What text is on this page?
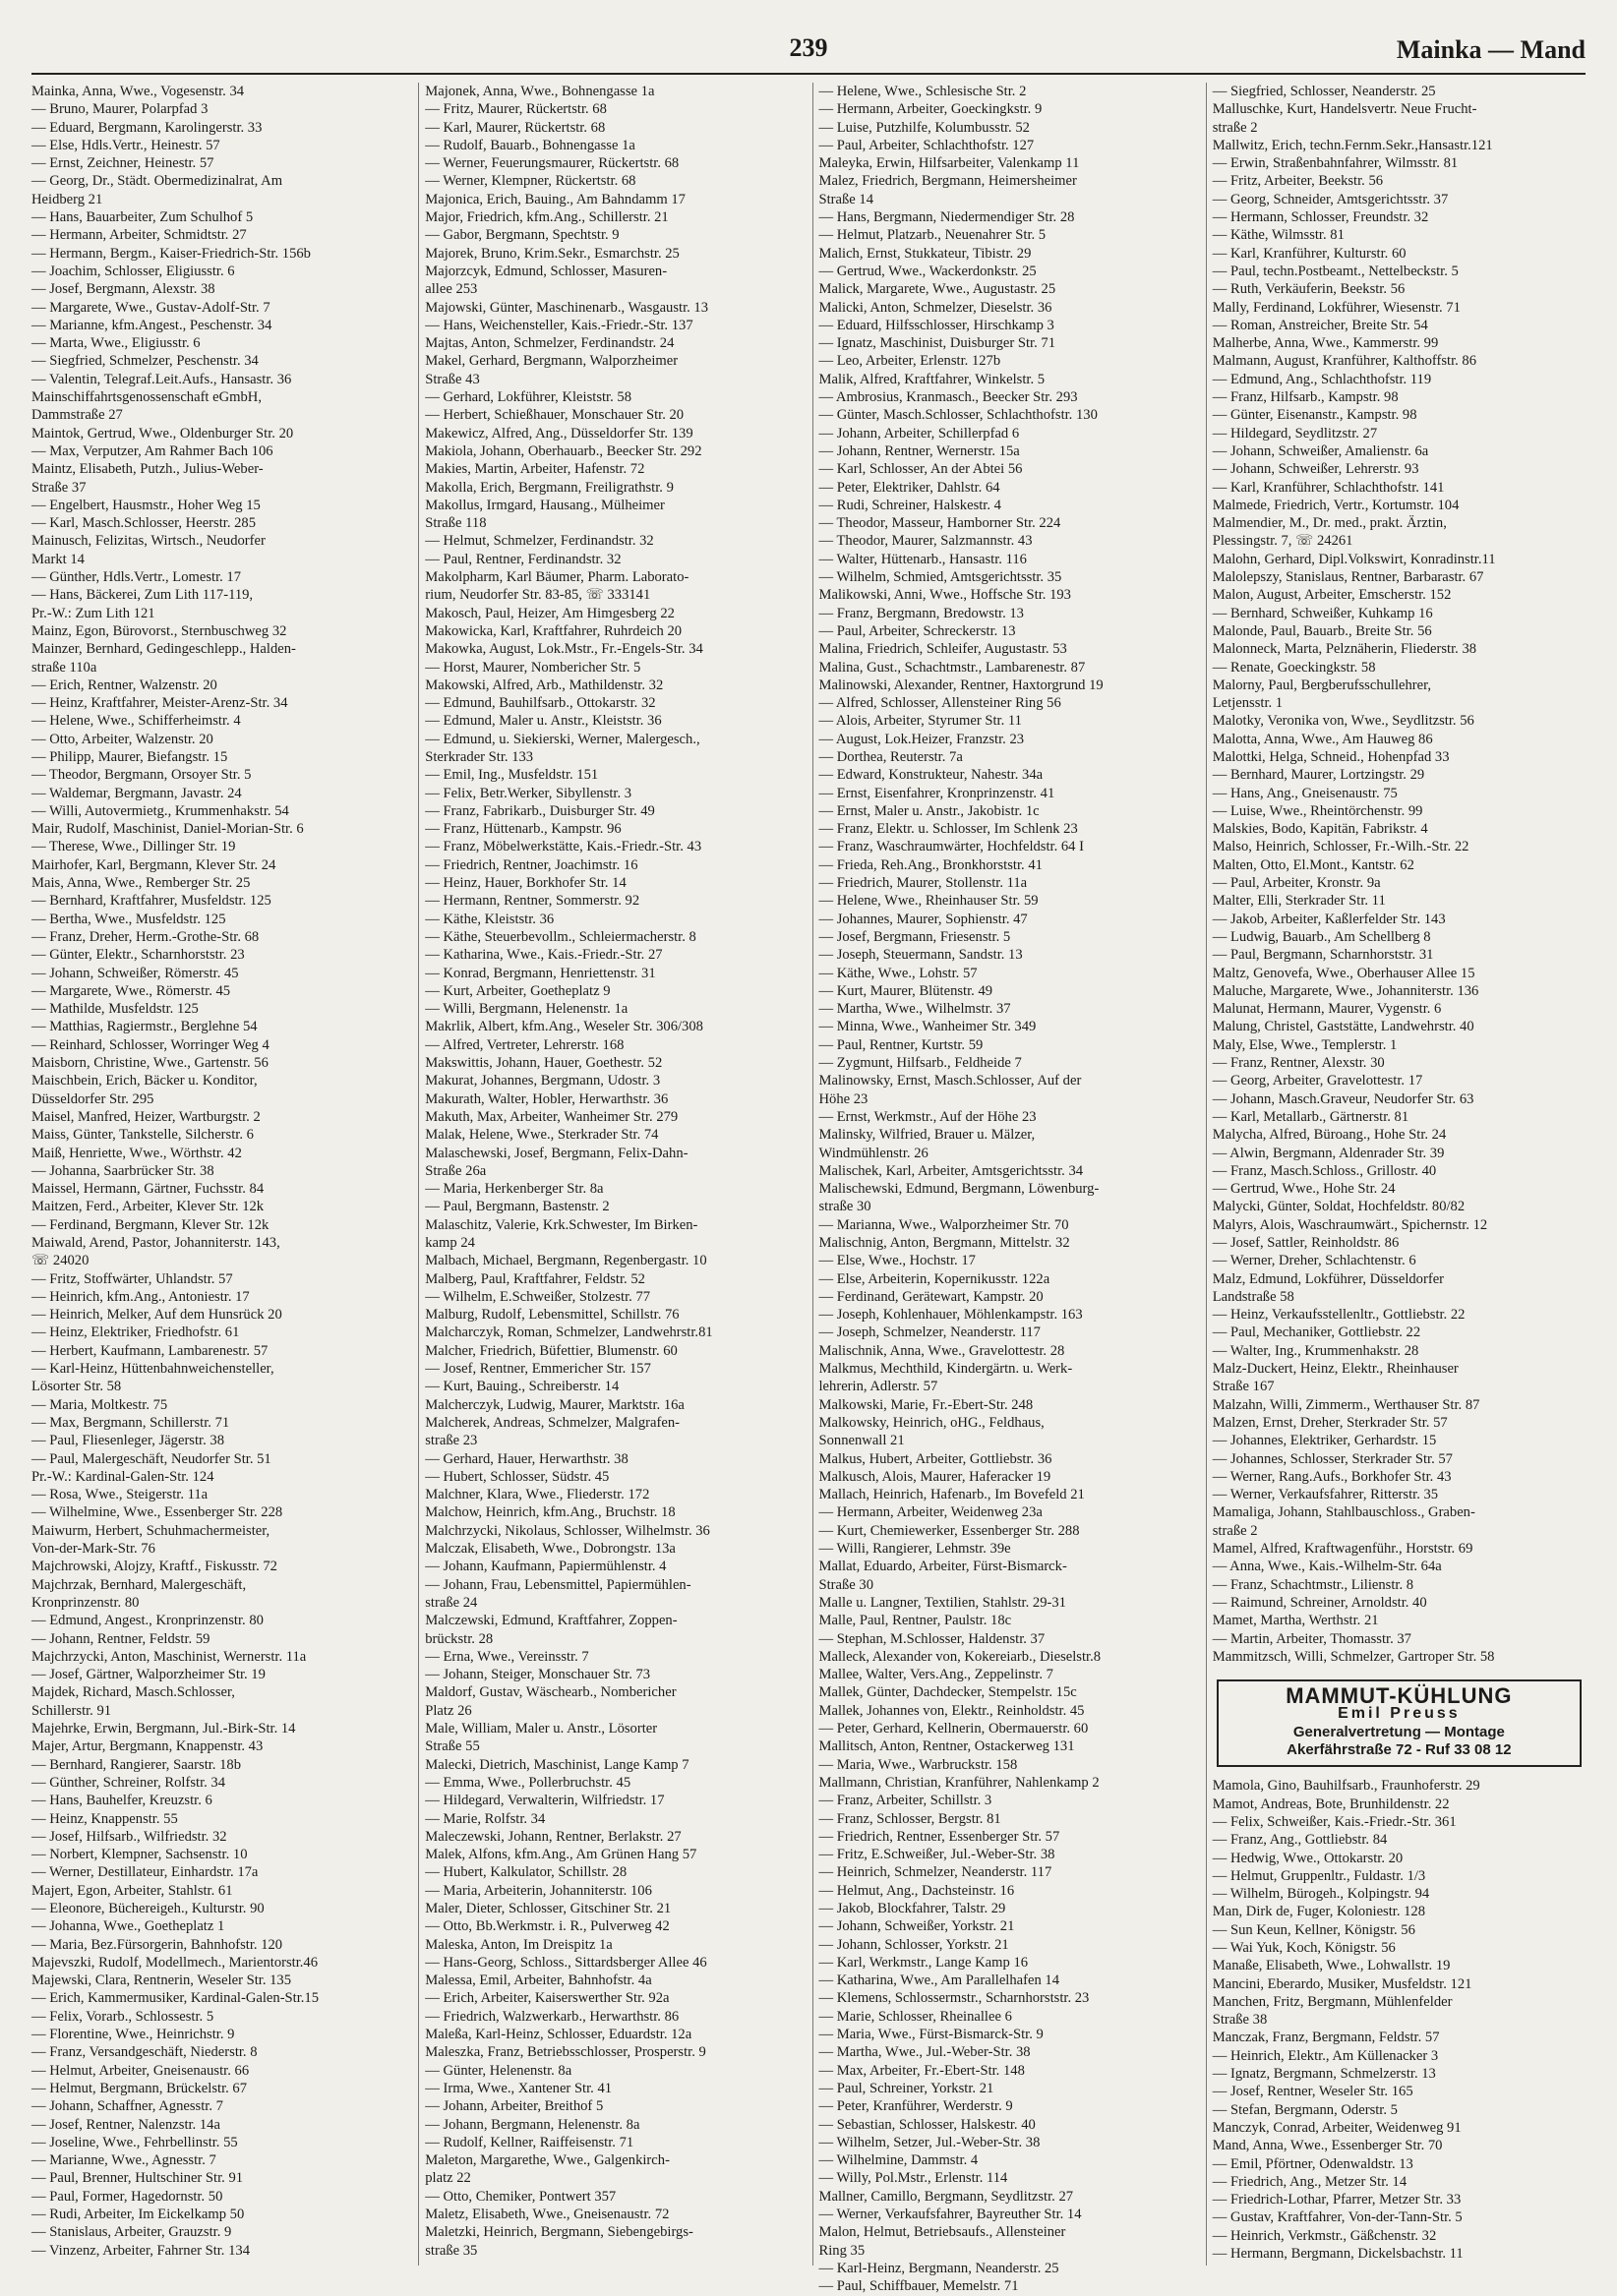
239	Mainka — Mand
Mainka, Anna, Wwe., Vogesenstr. 34
— Bruno, Maurer, Polarpfad 3
— Eduard, Bergmann, Karolingerstr. 33
— Else, Hdls.Vertr., Heinestr. 57
— Ernst, Zeichner, Heinestr. 57
— Georg, Dr., Städt. Obermedizinalrat, Am
Heidberg 21
— Hans, Bauarbeiter, Zum Schulhof 5
— Hermann, Arbeiter, Schmidtstr. 27
— Hermann, Bergm., Kaiser-Friedrich-Str. 156b
— Joachim, Schlosser, Eligiusstr. 6
— Josef, Bergmann, Alexstr. 38
— Margarete, Wwe., Gustav-Adolf-Str. 7
— Marianne, kfm.Angest., Peschenstr. 34
— Marta, Wwe., Eligiusstr. 6
— Siegfried, Schmelzer, Peschenstr. 34
— Valentin, Telegraf.Leit.Aufs., Hansastr. 36
Mainschiffahrtsgenossenschaft eGmbH,
Dammstraße 27
Maintok, Gertrud, Wwe., Oldenburger Str. 20
— Max, Verputzer, Am Rahmer Bach 106
Maintz, Elisabeth, Putzh., Julius-Weber-
Straße 37
— Engelbert, Hausmstr., Hoher Weg 15
— Karl, Masch.Schlosser, Heerstr. 285
Mainusch, Felizitas, Wirtsch., Neudorfer
Markt 14
— Günther, Hdls.Vertr., Lomestr. 17
— Hans, Bäckerei, Zum Lith 117-119,
Pr.-W.: Zum Lith 121
Mainz, Egon, Bürovorst., Sternbuschweg 32
Mainzer, Bernhard, Gedingeschlepp., Halden-
straße 110a
— Erich, Rentner, Walzenstr. 20
— Heinz, Kraftfahrer, Meister-Arenz-Str. 34
— Helene, Wwe., Schifferheimstr. 4
— Otto, Arbeiter, Walzenstr. 20
— Philipp, Maurer, Biefangstr. 15
— Theodor, Bergmann, Orsoyer Str. 5
— Waldemar, Bergmann, Javastr. 24
— Willi, Autovermietg., Krummenhakstr. 54
Mair, Rudolf, Maschinist, Daniel-Morian-Str. 6
— Therese, Wwe., Dillinger Str. 19
Mairhofer, Karl, Bergmann, Klever Str. 24
Mais, Anna, Wwe., Remberger Str. 25
— Bernhard, Kraftfahrer, Musfeldstr. 125
— Bertha, Wwe., Musfeldstr. 125
— Franz, Dreher, Herm.-Grothe-Str. 68
— Günter, Elektr., Scharnhorststr. 23
— Johann, Schweißer, Römerstr. 45
— Margarete, Wwe., Römerstr. 45
— Mathilde, Musfeldstr. 125
— Matthias, Ragiermstr., Berglehne 54
— Reinhard, Schlosser, Worringer Weg 4
Maisborn, Christine, Wwe., Gartenstr. 56
Maischbein, Erich, Bäcker u. Konditor,
Düsseldorfer Str. 295
Maisel, Manfred, Heizer, Wartburgstr. 2
Maiss, Günter, Tankstelle, Silcherstr. 6
Maiß, Henriette, Wwe., Wörthstr. 42
— Johanna, Saarbrücker Str. 38
Maissel, Hermann, Gärtner, Fuchsstr. 84
Maitzen, Ferd., Arbeiter, Klever Str. 12k
— Ferdinand, Bergmann, Klever Str. 12k
Maiwald, Arend, Pastor, Johanniterstr. 143,
☏ 24020
— Fritz, Stoffwärter, Uhlandstr. 57
— Heinrich, kfm.Ang., Antoniestr. 17
— Heinrich, Melker, Auf dem Hunsrück 20
— Heinz, Elektriker, Friedhofstr. 61
— Herbert, Kaufmann, Lambarenestr. 57
— Karl-Heinz, Hüttenbahnweichensteller,
Lösorter Str. 58
— Maria, Moltkestr. 75
— Max, Bergmann, Schillerstr. 71
— Paul, Fliesenleger, Jägerstr. 38
— Paul, Malergeschäft, Neudorfer Str. 51
Pr.-W.: Kardinal-Galen-Str. 124
— Rosa, Wwe., Steigerstr. 11a
— Wilhelmine, Wwe., Essenberger Str. 228
Maiwurm, Herbert, Schuhmachermeister,
Von-der-Mark-Str. 76
Majchrowski, Alojzy, Kraftf., Fiskusstr. 72
Majchrzak, Bernhard, Malergeschäft,
Kronprinzenstr. 80
— Edmund, Angest., Kronprinzenstr. 80
— Johann, Rentner, Feldstr. 59
Majchrzycki, Anton, Maschinist, Wernerstr. 11a
— Josef, Gärtner, Walporzheimer Str. 19
Majdek, Richard, Masch.Schlosser,
Schillerstr. 91
Majehrke, Erwin, Bergmann, Jul.-Birk-Str. 14
Majer, Artur, Bergmann, Knappenstr. 43
— Bernhard, Rangierer, Saarstr. 18b
— Günther, Schreiner, Rolfstr. 34
— Hans, Bauhelfer, Kreuzstr. 6
— Heinz, Knappenstr. 55
— Josef, Hilfsarb., Wilfriedstr. 32
— Norbert, Klempner, Sachsenstr. 10
— Werner, Destillateur, Einhardstr. 17a
Majert, Egon, Arbeiter, Stahlstr. 61
— Eleonore, Büchereigeh., Kulturstr. 90
— Johanna, Wwe., Goetheplatz 1
— Maria, Bez.Fürsorgerin, Bahnhofstr. 120
Majevszki, Rudolf, Modellmech., Marientorstr.46
Majewski, Clara, Rentnerin, Weseler Str. 135
— Erich, Kammermusiker, Kardinal-Galen-Str.15
— Felix, Vorarb., Schlossestr. 5
— Florentine, Wwe., Heinrichstr. 9
— Franz, Versandgeschäft, Niederstr. 8
— Helmut, Arbeiter, Gneisenaustr. 66
— Helmut, Bergmann, Brückelstr. 67
— Johann, Schaffner, Agnesstr. 7
— Josef, Rentner, Nalenzstr. 14a
— Joseline, Wwe., Fehrbellinstr. 55
— Marianne, Wwe., Agnesstr. 7
— Paul, Brenner, Hultschiner Str. 91
— Paul, Former, Hagedornstr. 50
— Rudi, Arbeiter, Im Eickelkamp 50
— Stanislaus, Arbeiter, Grauzstr. 9
— Vinzenz, Arbeiter, Fahrner Str. 134
Majonek, Anna, Wwe., Bohnengasse 1a
— Fritz, Maurer, Rückertstr. 68
— Karl, Maurer, Rückertstr. 68
— Rudolf, Bauarb., Bohnengasse 1a
— Werner, Feuerungsmaurer, Rückertstr. 68
— Werner, Klempner, Rückertstr. 68
Majonica, Erich, Bauing., Am Bahndamm 17
Major, Friedrich, kfm.Ang., Schillerstr. 21
— Gabor, Bergmann, Spechtstr. 9
Majorek, Bruno, Krim.Sekr., Esmarchstr. 25
Majorzcyk, Edmund, Schlosser, Masuren-
allee 253
Majowski, Günter, Maschinenarb., Wasgaustr. 13
— Hans, Weichensteller, Kais.-Friedr.-Str. 137
Majtas, Anton, Schmelzer, Ferdinandstr. 24
Makel, Gerhard, Bergmann, Walporzheimer
Straße 43
— Gerhard, Lokführer, Kleiststr. 58
— Herbert, Schießhauer, Monschauer Str. 20
Makewicz, Alfred, Ang., Düsseldorfer Str. 139
Makiola, Johann, Oberhauarb., Beecker Str. 292
Makies, Martin, Arbeiter, Hafenstr. 72
Makolla, Erich, Bergmann, Freiligrathstr. 9
Makollus, Irmgard, Hausang., Mülheimer
Straße 118
— Helmut, Schmelzer, Ferdinandstr. 32
— Paul, Rentner, Ferdinandstr. 32
Makolpharm, Karl Bäumer, Pharm. Laborato-
rium, Neudorfer Str. 83-85, ☏ 333141
Makosch, Paul, Heizer, Am Himgesberg 22
Makowicka, Karl, Kraftfahrer, Ruhrdeich 20
Makowka, August, Lok.Mstr., Fr.-Engels-Str. 34
— Horst, Maurer, Nombericher Str. 5
Makowski, Alfred, Arb., Mathildenstr. 32
— Edmund, Bauhilfsarb., Ottokarstr. 32
— Edmund, Maler u. Anstr., Kleiststr. 36
— Edmund, u. Siekierski, Werner, Malergesch.,
Sterkrader Str. 133
— Emil, Ing., Musfeldstr. 151
— Felix, Betr.Werker, Sibyllenstr. 3
— Franz, Fabrikarb., Duisburger Str. 49
— Franz, Hüttenarb., Kampstr. 96
— Franz, Möbelwerkstätte, Kais.-Friedr.-Str. 43
— Friedrich, Rentner, Joachimstr. 16
— Heinz, Hauer, Borkhofer Str. 14
— Hermann, Rentner, Sommerstr. 92
— Käthe, Kleiststr. 36
— Käthe, Steuerbevollm., Schleiermacherstr. 8
— Katharina, Wwe., Kais.-Friedr.-Str. 27
— Konrad, Bergmann, Henriettenstr. 31
— Kurt, Arbeiter, Goetheplatz 9
— Willi, Bergmann, Helenenstr. 1a
Makrlik, Albert, kfm.Ang., Weseler Str. 306/308
— Alfred, Vertreter, Lehrerstr. 168
Makswittis, Johann, Hauer, Goethestr. 52
Makurat, Johannes, Bergmann, Udostr. 3
Makurath, Walter, Hobler, Herwarthstr. 36
Makuth, Max, Arbeiter, Wanheimer Str. 279
Malak, Helene, Wwe., Sterkrader Str. 74
Malaschewski, Josef, Bergmann, Felix-Dahn-
Straße 26a
— Maria, Herkenberger Str. 8a
— Paul, Bergmann, Bastenstr. 2
Malaschitz, Valerie, Krk.Schwester, Im Birken-
kamp 24
Malbach, Michael, Bergmann, Regenbergastr. 10
Malberg, Paul, Kraftfahrer, Feldstr. 52
— Wilhelm, E.Schweißer, Stolzestr. 77
Malburg, Rudolf, Lebensmittel, Schillstr. 76
Malcharczyk, Roman, Schmelzer, Landwehrstr.81
Malcher, Friedrich, Büfettier, Blumenstr. 60
— Josef, Rentner, Emmericher Str. 157
— Kurt, Bauing., Schreiberstr. 14
Malcherczyk, Ludwig, Maurer, Marktstr. 16a
Malcherek, Andreas, Schmelzer, Malgrafen-
straße 23
— Gerhard, Hauer, Herwarthstr. 38
— Hubert, Schlosser, Südstr. 45
Malchner, Klara, Wwe., Fliederstr. 172
Malchow, Heinrich, kfm.Ang., Bruchstr. 18
Malchrzycki, Nikolaus, Schlosser, Wilhelmstr. 36
Malczak, Elisabeth, Wwe., Dobrongstr. 13a
— Johann, Kaufmann, Papiermühlenstr. 4
— Johann, Frau, Lebensmittel, Papiermühlen-
straße 24
Malczewski, Edmund, Kraftfahrer, Zoppen-
brückstr. 28
— Erna, Wwe., Vereinsstr. 7
— Johann, Steiger, Monschauer Str. 73
Maldorf, Gustav, Wäschearb., Nombericher
Platz 26
Male, William, Maler u. Anstr., Lösorter
Straße 55
Malecki, Dietrich, Maschinist, Lange Kamp 7
— Emma, Wwe., Pollerbruchstr. 45
— Hildegard, Verwalterin, Wilfriedstr. 17
— Marie, Rolfstr. 34
Maleczewski, Johann, Rentner, Berlakstr. 27
Malek, Alfons, kfm.Ang., Am Grünen Hang 57
— Hubert, Kalkulator, Schillstr. 28
— Maria, Arbeiterin, Johanniterstr. 106
Maler, Dieter, Schlosser, Gitschiner Str. 21
— Otto, Bb.Werkmstr. i. R., Pulverweg 42
Maleska, Anton, Im Dreispitz 1a
— Hans-Georg, Schloss., Sittardsberger Allee 46
Malessa, Emil, Arbeiter, Bahnhofstr. 4a
— Erich, Arbeiter, Kaiserswerther Str. 92a
— Friedrich, Walzwerkarb., Herwarthstr. 86
Maleßa, Karl-Heinz, Schlosser, Eduardstr. 12a
Maleszka, Franz, Betriebsschlosser, Prosperstr. 9
— Günter, Helenenstr. 8a
— Irma, Wwe., Xantener Str. 41
— Johann, Arbeiter, Breithof 5
— Johann, Bergmann, Helenenstr. 8a
— Rudolf, Kellner, Raiffeisenstr. 71
Maleton, Margarethe, Wwe., Galgenkirch-
platz 22
— Otto, Chemiker, Pontwert 357
Maletz, Elisabeth, Wwe., Gneisenaustr. 72
Maletzki, Heinrich, Bergmann, Siebengebirgs-
straße 35
— Helene, Wwe., Schlesische Str. 2
— Hermann, Arbeiter, Goeckingkstr. 9
— Luise, Putzhilfe, Kolumbusstr. 52
— Paul, Arbeiter, Schlachthofstr. 127
Maleyka, Erwin, Hilfsarbeiter, Valenkamp 11
Malez, Friedrich, Bergmann, Heimersheimer
Straße 14
— Hans, Bergmann, Niedermendiger Str. 28
— Helmut, Platzarb., Neuenahrer Str. 5
Malich, Ernst, Stukkateur, Tibistr. 29
— Gertrud, Wwe., Wackerdonkstr. 25
Malick, Margarete, Wwe., Augustastr. 25
Malicki, Anton, Schmelzer, Dieselstr. 36
— Eduard, Hilfsschlosser, Hirschkamp 3
— Ignatz, Maschinist, Duisburger Str. 71
— Leo, Arbeiter, Erlenstr. 127b
Malik, Alfred, Kraftfahrer, Winkelstr. 5
— Ambrosius, Kranmasch., Beecker Str. 293
— Günter, Masch.Schlosser, Schlachthofstr. 130
— Johann, Arbeiter, Schillerpfad 6
— Johann, Rentner, Wernerstr. 15a
— Karl, Schlosser, An der Abtei 56
— Peter, Elektriker, Dahlstr. 64
— Rudi, Schreiner, Halskestr. 4
— Theodor, Masseur, Hamborner Str. 224
— Theodor, Maurer, Salzmannstr. 43
— Walter, Hüttenarb., Hansastr. 116
— Wilhelm, Schmied, Amtsgerichtsstr. 35
Malikowski, Anni, Wwe., Hoffsche Str. 193
— Franz, Bergmann, Bredowstr. 13
— Paul, Arbeiter, Schreckerstr. 13
Malina, Friedrich, Schleifer, Augustastr. 53
Malina, Gust., Schachtmstr., Lambarenestr. 87
Malinowski, Alexander, Rentner, Haxtorgrund 19
— Alfred, Schlosser, Allensteiner Ring 56
— Alois, Arbeiter, Styrumer Str. 11
— August, Lok.Heizer, Franzstr. 23
— Dorthea, Reuterstr. 7a
— Edward, Konstrukteur, Nahestr. 34a
— Ernst, Eisenfahrer, Kronprinzenstr. 41
— Ernst, Maler u. Anstr., Jakobistr. 1c
— Franz, Elektr. u. Schlosser, Im Schlenk 23
— Franz, Waschraumwärter, Hochfeldstr. 64 I
— Frieda, Reh.Ang., Bronkhorststr. 41
— Friedrich, Maurer, Stollenstr. 11a
— Helene, Wwe., Rheinhauser Str. 59
— Johannes, Maurer, Sophienstr. 47
— Josef, Bergmann, Friesenstr. 5
— Joseph, Steuermann, Sandstr. 13
— Käthe, Wwe., Lohstr. 57
— Kurt, Maurer, Blütenstr. 49
— Martha, Wwe., Wilhelmstr. 37
— Minna, Wwe., Wanheimer Str. 349
— Paul, Rentner, Kurtstr. 59
— Zygmunt, Hilfsarb., Feldheide 7
Malinowsky, Ernst, Masch.Schlosser, Auf der
Höhe 23
— Ernst, Werkmstr., Auf der Höhe 23
Malinsky, Wilfried, Brauer u. Mälzer,
Windmühlenstr. 26
Malischek, Karl, Arbeiter, Amtsgerichtsstr. 34
Malischewski, Edmund, Bergmann, Löwenburg-
straße 30
— Marianna, Wwe., Walporzheimer Str. 70
Malischnig, Anton, Bergmann, Mittelstr. 32
— Else, Wwe., Hochstr. 17
— Else, Arbeiterin, Kopernikusstr. 122a
— Ferdinand, Gerätewart, Kampstr. 20
— Joseph, Kohlenhauer, Möhlenkampstr. 163
— Joseph, Schmelzer, Neanderstr. 117
Malischnik, Anna, Wwe., Gravelottestr. 28
Malkmus, Mechthild, Kindergärtn. u. Werk-
lehrerin, Adlerstr. 57
Malkowski, Marie, Fr.-Ebert-Str. 248
Malkowsky, Heinrich, oHG., Feldhaus,
Sonnenwall 21
Malkus, Hubert, Arbeiter, Gottliebstr. 36
Malkusch, Alois, Maurer, Haferacker 19
Mallach, Heinrich, Hafenarb., Im Bovefeld 21
— Hermann, Arbeiter, Weidenweg 23a
— Kurt, Chemiewerker, Essenberger Str. 288
— Willi, Rangierer, Lehmstr. 39e
Mallat, Eduardo, Arbeiter, Fürst-Bismarck-
Straße 30
Malle u. Langner, Textilien, Stahlstr. 29-31
Malle, Paul, Rentner, Paulstr. 18c
— Stephan, M.Schlosser, Haldenstr. 37
Malleck, Alexander von, Kokereiarb., Dieselstr.8
Mallee, Walter, Vers.Ang., Zeppelinstr. 7
Mallek, Günter, Dachdecker, Stempelstr. 15c
Mallek, Johannes von, Elektr., Reinholdstr. 45
— Peter, Gerhard, Kellnerin, Obermauerstr. 60
Mallitsch, Anton, Rentner, Ostackerweg 131
— Maria, Wwe., Warbruckstr. 158
Mallmann, Christian, Kranführer, Nahlenkamp 2
— Franz, Arbeiter, Schillstr. 3
— Franz, Schlosser, Bergstr. 81
— Friedrich, Rentner, Essenberger Str. 57
— Fritz, E.Schweißer, Jul.-Weber-Str. 38
— Heinrich, Schmelzer, Neanderstr. 117
— Helmut, Ang., Dachsteinstr. 16
— Jakob, Blockfahrer, Talstr. 29
— Johann, Schweißer, Yorkstr. 21
— Johann, Schlosser, Yorkstr. 21
— Karl, Werkmstr., Lange Kamp 16
— Katharina, Wwe., Am Parallelhafen 14
— Klemens, Schlossermstr., Scharnhorststr. 23
— Marie, Schlosser, Rheinallee 6
— Maria, Wwe., Fürst-Bismarck-Str. 9
— Martha, Wwe., Jul.-Weber-Str. 38
— Max, Arbeiter, Fr.-Ebert-Str. 148
— Paul, Schreiner, Yorkstr. 21
— Peter, Kranführer, Werderstr. 9
— Sebastian, Schlosser, Halskestr. 40
— Wilhelm, Setzer, Jul.-Weber-Str. 38
— Wilhelmine, Dammstr. 4
— Willy, Pol.Mstr., Erlenstr. 114
Mallner, Camillo, Bergmann, Seydlitzstr. 27
— Werner, Verkaufsfahrer, Bayreuther Str. 14
Malon, Helmut, Betriebsaufs., Allensteiner
Ring 35
— Karl-Heinz, Bergmann, Neanderstr. 25
— Paul, Schiffbauer, Memelstr. 71
— Siegfried, Schlosser, Neanderstr. 25
Malluschke, Kurt, Handelsvertr. Neue Frucht-
straße 2
Mallwitz, Erich, techn.Fernm.Sekr.,Hansastr.121
— Erwin, Straßenbahnfahrer, Wilmsstr. 81
— Fritz, Arbeiter, Beekstr. 56
— Georg, Schneider, Amtsgerichtsstr. 37
— Hermann, Schlosser, Freundstr. 32
— Käthe, Wilmsstr. 81
— Karl, Kranführer, Kulturstr. 60
— Paul, techn.Postbeamt., Nettelbeckstr. 5
— Ruth, Verkäuferin, Beekstr. 56
Mally, Ferdinand, Lokführer, Wiesenstr. 71
— Roman, Anstreicher, Breite Str. 54
Malherbe, Anna, Wwe., Kammerstr. 99
Malmann, August, Kranführer, Kalthoffstr. 86
— Edmund, Ang., Schlachthofstr. 119
— Franz, Hilfsarb., Kampstr. 98
— Günter, Eisenanstr., Kampstr. 98
— Hildegard, Seydlitzstr. 27
— Johann, Schweißer, Amalienstr. 6a
— Johann, Schweißer, Lehrerstr. 93
— Karl, Kranführer, Schlachthofstr. 141
Malmede, Friedrich, Vertr., Kortumstr. 104
Malmendier, M., Dr. med., prakt. Ärztin,
Plessingstr. 7, ☏ 24261
Malohn, Gerhard, Dipl.Volkswirt, Konradinstr.11
Malolepszy, Stanislaus, Rentner, Barbarastr. 67
Malon, August, Arbeiter, Emscherstr. 152
— Bernhard, Schweißer, Kuhkamp 16
Malonde, Paul, Bauarb., Breite Str. 56
Malonneck, Marta, Pelznäherin, Fliederstr. 38
— Renate, Goeckingkstr. 58
Malorny, Paul, Bergberufsschullehrer,
Letjensstr. 1
Malotky, Veronika von, Wwe., Seydlitzstr. 56
Malotta, Anna, Wwe., Am Hauweg 86
Malottki, Helga, Schneid., Hohenpfad 33
— Bernhard, Maurer, Lortzingstr. 29
— Hans, Ang., Gneisenaustr. 75
— Luise, Wwe., Rheintörchenstr. 99
Malskies, Bodo, Kapitän, Fabrikstr. 4
Malso, Heinrich, Schlosser, Fr.-Wilh.-Str. 22
Malten, Otto, El.Mont., Kantstr. 62
— Paul, Arbeiter, Kronstr. 9a
Malter, Elli, Sterkrader Str. 11
— Jakob, Arbeiter, Kaßlerfelder Str. 143
— Ludwig, Bauarb., Am Schellberg 8
— Paul, Bergmann, Scharnhorststr. 31
Maltz, Genovefa, Wwe., Oberhauser Allee 15
Maluche, Margarete, Wwe., Johanniterstr. 136
Malunat, Hermann, Maurer, Vygenstr. 6
Malung, Christel, Gaststätte, Landwehrstr. 40
Maly, Else, Wwe., Templerstr. 1
— Franz, Rentner, Alexstr. 30
— Georg, Arbeiter, Gravelottestr. 17
— Johann, Masch.Graveur, Neudorfer Str. 63
— Karl, Metallarb., Gärtnerstr. 81
Malycha, Alfred, Büroang., Hohe Str. 24
— Alwin, Bergmann, Aldenrader Str. 39
— Franz, Masch.Schloss., Grillostr. 40
— Gertrud, Wwe., Hohe Str. 24
Malycki, Günter, Soldat, Hochfeldstr. 80/82
Malyrs, Alois, Waschraumwärt., Spichernstr. 12
— Josef, Sattler, Reinholdstr. 86
— Werner, Dreher, Schlachtenstr. 6
Malz, Edmund, Lokführer, Düsseldorfer
Landstraße 58
— Heinz, Verkaufsstellenltr., Gottliebstr. 22
— Paul, Mechaniker, Gottliebstr. 22
— Walter, Ing., Krummenhakstr. 28
Malz-Duckert, Heinz, Elektr., Rheinhauser
Straße 167
Malzahn, Willi, Zimmerm., Werthauser Str. 87
Malzen, Ernst, Dreher, Sterkrader Str. 57
— Johannes, Elektriker, Gerhardstr. 15
— Johannes, Schlosser, Sterkrader Str. 57
— Werner, Rang.Aufs., Borkhofer Str. 43
— Werner, Verkaufsfahrer, Ritterstr. 35
Mamaliga, Johann, Stahlbauschloss., Graben-
straße 2
Mamel, Alfred, Kraftwagenführ., Horststr. 69
— Anna, Wwe., Kais.-Wilhelm-Str. 64a
— Franz, Schachtmstr., Lilienstr. 8
— Raimund, Schreiner, Arnoldstr. 40
Mamet, Martha, Werthstr. 21
— Martin, Arbeiter, Thomasstr. 37
Mammitzsch, Willi, Schmelzer, Gartroper Str. 58
MAMMUT-KÜHLUNG
Emil Preuss
Generalvertretung — Montage
Akerfährstraße 72 - Ruf 33 08 12
Mamola, Gino, Bauhilfsarb., Fraunhoferstr. 29
Mamot, Andreas, Bote, Brunhildenstr. 22
— Felix, Schweißer, Kais.-Friedr.-Str. 361
— Franz, Ang., Gottliebstr. 84
— Hedwig, Wwe., Ottokarstr. 20
— Helmut, Gruppenltr., Fuldastr. 1/3
— Wilhelm, Bürogeh., Kolpingstr. 94
Man, Dirk de, Fuger, Koloniestr. 128
— Sun Keun, Kellner, Königstr. 56
— Wai Yuk, Koch, Königstr. 56
Manaße, Elisabeth, Wwe., Lohwallstr. 19
Mancini, Eberardo, Musiker, Musfeldstr. 121
Manchen, Fritz, Bergmann, Mühlenfelder
Straße 38
Manczak, Franz, Bergmann, Feldstr. 57
— Heinrich, Elektr., Am Küllenacker 3
— Ignatz, Bergmann, Schmelzerstr. 13
— Josef, Rentner, Weseler Str. 165
— Stefan, Bergmann, Oderstr. 5
Manczyk, Conrad, Arbeiter, Weidenweg 91
Mand, Anna, Wwe., Essenberger Str. 70
— Emil, Pförtner, Odenwaldstr. 13
— Friedrich, Ang., Metzer Str. 14
— Friedrich-Lothar, Pfarrer, Metzer Str. 33
— Gustav, Kraftfahrer, Von-der-Tann-Str. 5
— Heinrich, Verkmstr., Gäßchenstr. 32
— Hermann, Bergmann, Dickelsbachstr. 11
